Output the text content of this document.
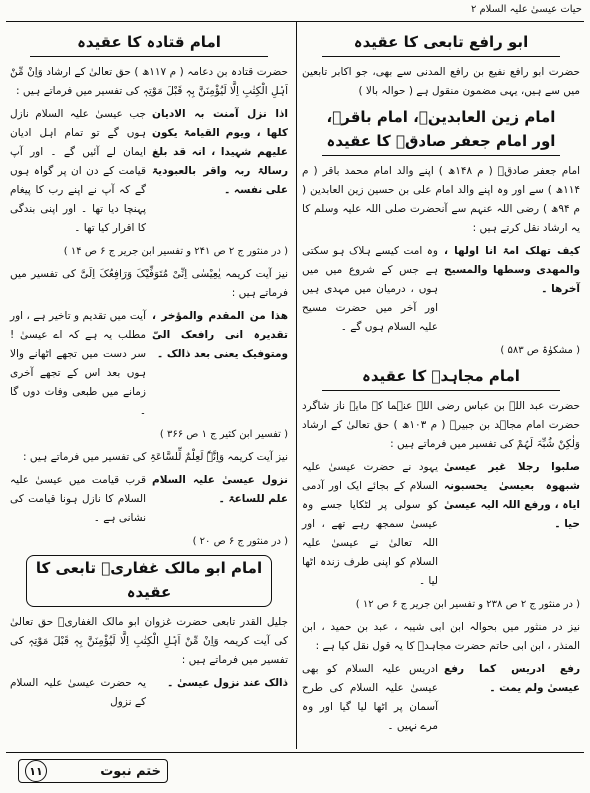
حیات عیسیٰ علیہ السلام ۲
ابو رافع تابعی کا عقیدہ

حضرت ابو رافع نفیع بن رافع المدنی سے بھی، جو اکابر تابعین میں سے ہیں، یہی مضمون منقول ہے ( حوالہ بالا )

امام زین العابدینؒ، امام باقرؒ، اور امام جعفر صادقؒ کا عقیدہ

امام جعفر صادقؒ ( م ۱۴۸ھ ) اپنے والد امام محمد باقر ( م ۱۱۴ھ ) سے اور وہ اپنے والد امام علی بن حسین زین العابدین ( م ۹۴ھ ) رضی اللہ عنہم سے آنحضرت صلی اللہ علیہ وسلم کا یہ ارشاد نقل کرتے ہیں :

کیف تھلک امۃ انا اولھا ، والمھدی وسطھا والمسیح آخرھا ۔

وہ امت کیسے ہلاک ہو سکتی ہے جس کے شروع میں میں ہوں ، درمیان میں مہدی ہیں اور آخر میں حضرت مسیح علیہ السلام ہوں گے ۔

( مشکوٰۃ ص ۵۸۳ )

امام مجاہدؒ کا عقیدہ

حضرت عبد اللہ بن عباس رضی اللہ عنہما کے مایہ ناز شاگرد حضرت امام مجاہد بن جبیرؒ ( م ۱۰۳ھ ) حق تعالیٰ کے ارشاد وَلٰکِنْ شُبِّہَ لَہُمْ کی تفسیر میں فرماتے ہیں :

صلبوا رجلا غیر عیسیٰ شبھوہ بعیسیٰ یحسبونہ ایاہ ، ورفع اللہ الیہ عیسیٰ حیا ۔

یہود نے حضرت عیسیٰ علیہ السلام کے بجائے ایک اور آدمی کو سولی پر لٹکایا جسے وہ عیسیٰ سمجھ رہے تھے ، اور اللہ تعالیٰ نے عیسیٰ علیہ السلام کو اپنی طرف زندہ اٹھا لیا ۔

( در منثور ج ۲ ص ۲۳۸ و تفسیر ابن جریر ج ۶ ص ۱۲ )

نیز در منثور میں بحوالہ ابن ابی شیبہ ، عبد بن حمید ، ابن المنذر ، ابن ابی حاتم حضرت مجاہدؒ کا یہ قول نقل کیا ہے :

رفع ادریس کما رفع عیسیٰ ولم یمت ۔

ادریس علیہ السلام کو بھی عیسیٰ علیہ السلام کی طرح آسمان پر اٹھا لیا گیا اور وہ مرے نہیں ۔

امام قتادہ کا عقیدہ

حضرت قتادہ بن دعامہ ( م ۱۱۷ھ ) حق تعالیٰ کے ارشاد وَاِنْ مِّنْ اَہْلِ الْکِتٰبِ اِلَّا لَیُؤْمِنَنَّ بِہٖ قَبْلَ مَوْتِہٖ کی تفسیر میں فرماتے ہیں :

اذا نزل آمنت بہ الادیان کلھا ، ویوم القیامۃ یکون علیھم شہیدا ، انہ قد بلغ رسالۃ ربہ واقر بالعبودیۃ علی نفسہ ۔

جب عیسیٰ علیہ السلام نازل ہوں گے تو تمام اہل ادیان ایمان لے آئیں گے ۔ اور آپ قیامت کے دن ان پر گواہ ہوں گے کہ آپ نے اپنے رب کا پیغام پہنچا دیا تھا ۔ اور اپنی بندگی کا اقرار کیا تھا ۔

( در منثور ج ۲ ص ۲۴۱ و تفسیر ابن جریر ج ۶ ص ۱۴ )

نیز آیت کریمہ یٰعِیْسٰی اِنِّیْ مُتَوَفِّیْکَ وَرَافِعُکَ اِلَیَّ کی تفسیر میں فرماتے ہیں :

ھذا من المقدم والمؤخر ، تقدیرہ انی رافعک الیّ ومتوفیک یعنی بعد ذالک ۔

آیت میں تقدیم و تاخیر ہے ، اور مطلب یہ ہے کہ اے عیسیٰ ! سر دست میں تجھے اٹھانے والا ہوں بعد اس کے تجھے آخری زمانے میں طبعی وفات دوں گا ۔

( تفسیر ابن کثیر ج ۱ ص ۳۶۶ )

نیز آیت کریمہ وَاِنَّہٗ لَعِلْمٌ لِّلسَّاعَۃِ کی تفسیر میں فرماتے ہیں :

نزول عیسیٰ علیہ السلام علم للساعۃ ۔

قرب قیامت میں عیسیٰ علیہ السلام کا نازل ہونا قیامت کی نشانی ہے ۔

( در منثور ج ۶ ص ۲۰ )

امام ابو مالک غفاریؒ تابعی کا عقیدہ

جلیل القدر تابعی حضرت غزوان ابو مالک الغفاریؒ حق تعالیٰ کی آیت کریمہ وَاِنْ مِّنْ اَہْلِ الْکِتٰبِ اِلَّا لَیُؤْمِنَنَّ بِہٖ قَبْلَ مَوْتِہٖ کی تفسیر میں فرماتے ہیں :

ذالک عند نزول عیسیٰ ۔

یہ حضرت عیسیٰ علیہ السلام کے نزول

۱۱	ختم نبوت
